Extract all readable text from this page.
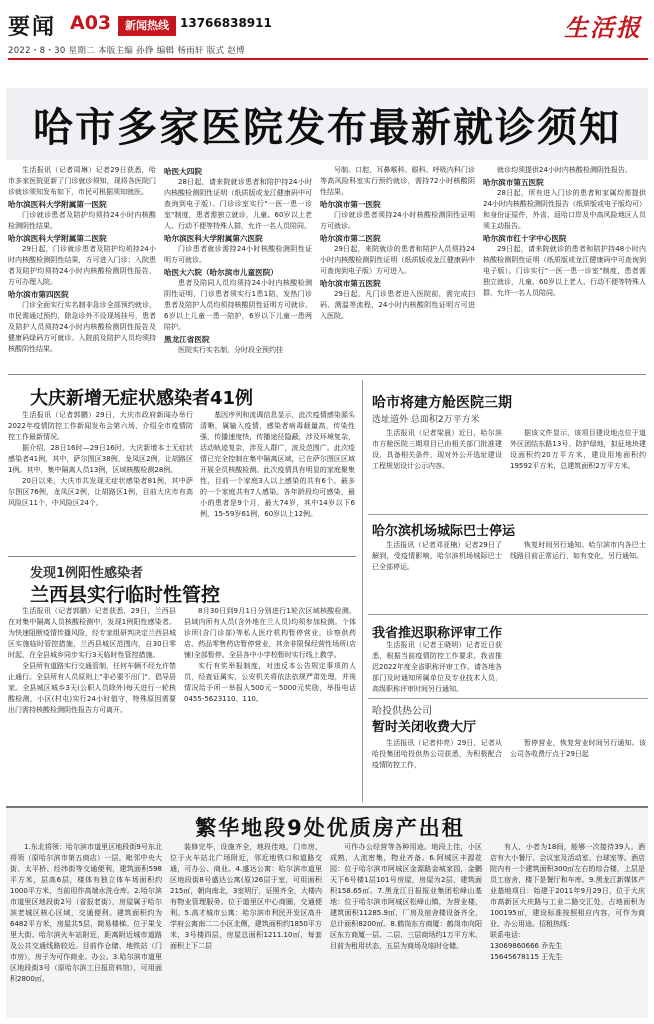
要闻 A03	新闻热线 13766838911	生活报
2022・8・30 星期二 本版主编 孙铮 编辑 杨雨轩 版式 赵博
哈市多家医院发布最新就诊须知

生活报讯（记者周琳）记者29日获悉，哈市多家医院更新了门诊就诊须知，现将各医院门诊就诊须知发布如下，市民可根据须知就医。

哈尔滨医科大学附属第一医院

门诊就诊患者及陪护均须持24小时内核酸检测阴性结果。

哈尔滨医科大学附属第二医院

29日起，门诊就诊患者及陪护均须持24小时内核酸检测阴性结果，方可进入门诊；入院患者及陪护均须持24小时内核酸检测阴性报告，方可办理入院。

哈尔滨市第四医院

门诊全面实行实名制非急诊全部预约就诊，市民需通过预约，除急诊外不设现场挂号，患者及陪护人员须持24小时内核酸检测阴性报告及健康码绿码方可就诊。入院前及陪护人员均须持核酸阴性结果。

哈医大四院

28日起，请来院就诊患者和陪护持24小时内核酸检测阴性证明（纸质版或龙江健康码中可查询到电子版）。门诊诊室实行"一医一患一诊室"制度，患者需独立就诊，儿童、60岁以上老人、行动不便等特殊人群，允许一名人员陪同。

哈尔滨医科大学附属第六医院

门诊患者就诊需持24小时核酸检测阴性证明方可就诊。

哈医大六院（哈尔滨市儿童医院）

患者及陪同人员均须持24小时内核酸检测阴性证明，门诊患者须实行1患1陪，发热门诊患者及陪护人员均须持核酸阴性证明方可就诊。6岁以上儿童一患一陪护，6岁以下儿童一患两陪护。

黑龙江省医院

医院实行实名制，分时段全预约挂

号制。口腔、耳鼻喉科、眼科、呼吸内科门诊等高风险科室实行预约就诊，需持72小时核酸阴性结果。

哈尔滨市第一医院

门诊就诊患者须持24小时核酸检测阴性证明方可就诊。

哈尔滨市第二医院

29日起，来院就诊的患者和陪护人员须持24小时内核酸检测阴性证明（纸质版或龙江健康码中可查询到电子版）方可进入。

哈尔滨市第五医院

29日起，凡门诊患者进入医院前，需完成扫码、测温等流程，24小时内核酸阴性证明方可进入医院。

就诊均须提供24小时内核酸检测阴性报告。

哈尔滨市第五医院

28日起，所有进入门诊的患者和家属均需提供24小时内核酸检测阴性报告（纸质版或电子版均可）和身份证原件，外省、返哈口岸及中高风险地区人员须主动报告。

哈尔滨市红十字中心医院

29日起，请来院就诊的患者和陪护持48小时内核酸检测阴性证明（纸质版或龙江健康码中可查询到电子版）。门诊实行"一医一患一诊室"制度，患者需独立就诊，儿童、60岁以上老人、行动不便等特殊人群，允许一名人员陪同。

大庆新增无症状感染者41例

生活报讯（记者郭鹏）29日，大庆市政府新闻办举行2022年疫情防控工作新闻发布会第六场，介绍全市疫情防控工作最新情况。

据介绍，28日16时—29日16时，大庆新增本土无症状感染者41例，其中，萨尔图区38例，龙凤区2例，让胡路区1例。其中，集中隔离人员13例，区域核酸检测28例。

20日以来，大庆市共发现无症状感染者81例，其中萨尔图区76例，龙凤区2例，让胡路区1例，目前大庆市有高风险区11个，中风险区24个。

基因序列和流调信息显示，此次疫情感染源头清晰，属输入疫情，感染者病毒载量高，传染性强，传播速度快，传播途径隐蔽，涉及环境复杂，活动轨迹复杂，涉及人群广，波及范围广。此次疫情已完全控制在集中隔离区域，已在萨尔图区区域开展全员核酸检测。此次疫情具有明显的家庭聚集性，目前一个家庭3人以上感染的共有6个。最多的一个家庭共有7人感染。各年龄段均可感染，最小的患者是9个月，最大74岁，其中14岁以下6例，15-59岁61例，60岁以上12例。

发现1例阳性感染者
兰西县实行临时性管控

生活报讯（记者郭鹏）记者获悉，29日，兰西县在对集中隔离人员核酸检测中，发现1例阳性感染者。为快速阻断疫情传播风险，经专家组研判决定兰西县城区实施临时管控措施，兰西县城区范围内，自30日零时起，在全县城乡同步实行3天临时性管控措施。

全县所有道路实行交通管制，任何车辆不经允许禁止通行。全县所有人员原则上"非必要不出门"，倡导居家。全县城区城乡3天(公职人员除外)每天进行一轮核酸检测，小区(村屯)实行24小时值守，特殊原因需要出门需持核酸检测阴性报告方可离开。

8月30日到9月1日分别进行1轮次区域核酸检测。县域内所有人员(含外地在兰人员)均须参加检测。个体诊所(含门诊部)等私人医疗机构暂停营业，诊察供药店、药品零售药店暂停营业，其余非限保经营性场所(店铺)全部暂停。全县各中小学校暂时实行线上教学。

实行有奖举报制度，对违反本公告规定事项的人员，经查证属实，公安机关将依法依规严肃处理，并视情况给予所一举报人500元－5000元奖励，举报电话0455-5623110、110。

哈市将建方舱医院三期
选址道外 总面积2万平方米

生活报讯（记者梁晨）近日，哈尔滨市方舱医院三期项目已由相关部门批准建设，具备相关条件，现对外公开选址建设工程规划设计公示内容。

据该文件显示，该项目建设地点位于道外区团结东路13号、防护绿地，拟征地块建设面积约20万平方米，建设用地面积约19592平方米，总建筑面积2万平方米。

哈尔滨机场城际巴士停运

生活报讯（记者邓亚楠）记者29日了解到，受疫情影响，哈尔滨机场城际巴士已全部停运。

恢复时间另行通知。哈尔滨市内各巴士线路目前正常运行，如有变化，另行通知。

我省推迟职称评审工作

生活报讯（记者王晓明）记者近日获悉，根据当前疫情防控工作要求，我省推迟2022年度全省职称评审工作。请各地各部门及时通知所属单位及专业技术人员，高级职称评审时间另行通知。

哈投供热公司
暂时关闭收费大厅

生活报讯（记者仲亮）29日，记者从哈投集团哈投供热公司获悉，为积极配合疫情防控工作，

暂停营业，恢复营业时间另行通知。该公司各收费厅点于29日起

繁华地段9处优质房产出租

1.东北将领：哈尔滨市道里区地段街9号东北将领（原哈尔滨市第五商店）一层，毗邻中央大街、太平桥、经纬街等交通便利，建筑面积598平方米，层高6层，楼体有独立体车场面积约1000平方米，当前用作高端水洗仓库。2.哈尔滨市道里区地段街2号（省报老街），房屋属于哈尔滨老城区核心区域，交通便利。建筑面积约为6482平方米，房屋共5层，简易楼梯。位于果戈里大街、哈尔滨火车站附近，距离附近城市道路及公共交通线路较近。目前作仓储、地铁站（门市房），房子为可作商业、办公。3.哈尔滨市道里区地段街3号（原哈尔滨工日报资料馆），可用面积2800㎡。

装修完毕，设施齐全，地段佳地，门市房，位于火车站北广场附近，邻近地铁口和道路交通，可办公、商业。4.盛达公寓：哈尔滨市道里区地段街8号盛达公寓(原)26层于室，可用面积215㎡，朝向南北，3室明厅，证照齐全，大楼内有物业管理服务。位于道里区中心商圈，交通便利。5.高才城市公寓：哈尔滨市利民开发区高升学府公寓南二二小区北侧，建筑面积约1850平方米，3号楼四层，房屋总面积1211.10㎡，每套面积上下二层

可作办公经营等各种用途。地段上佳，小区成熟，人流密集，物业齐备。6.阿城区丰源花园：位于哈尔滨市阿城区金源路金城家园，金鹏天下6号楼1层101号房屋，房屋为2层，建筑面积158.65㎡。7.黑龙江日报报业集团松峰山基地：位于哈尔滨市阿城区松峰山镇，为营业楼，建筑面积11285.9㎡，厂房及宿舍楼设备齐全，总计面积8200㎡。8.鹤岗东方商厦：鹤岗市向阳区东方商厦一层、二层、三层商场约1万平方米，目前为租用状态，五层为商场及临时仓储。

有人，小者为18间，能够一次接待39人。酒店有大小餐厅、会议室及活动室、台球室等。酒店院内有一个建筑面积300㎡左右的综合楼，上层是员工宿舍，楼下是餐厅和车库。9.黑龙江新媒体产业基地项目：始建于2011年9月29日，位于大庆市高新区大庆路与工业二路交汇处，占地面积为100195㎡，建设标准按照相应内容，可作为商业、办公用途。招租热线：

联系电话：
13069860666 乔先生
15645678115 王先生
